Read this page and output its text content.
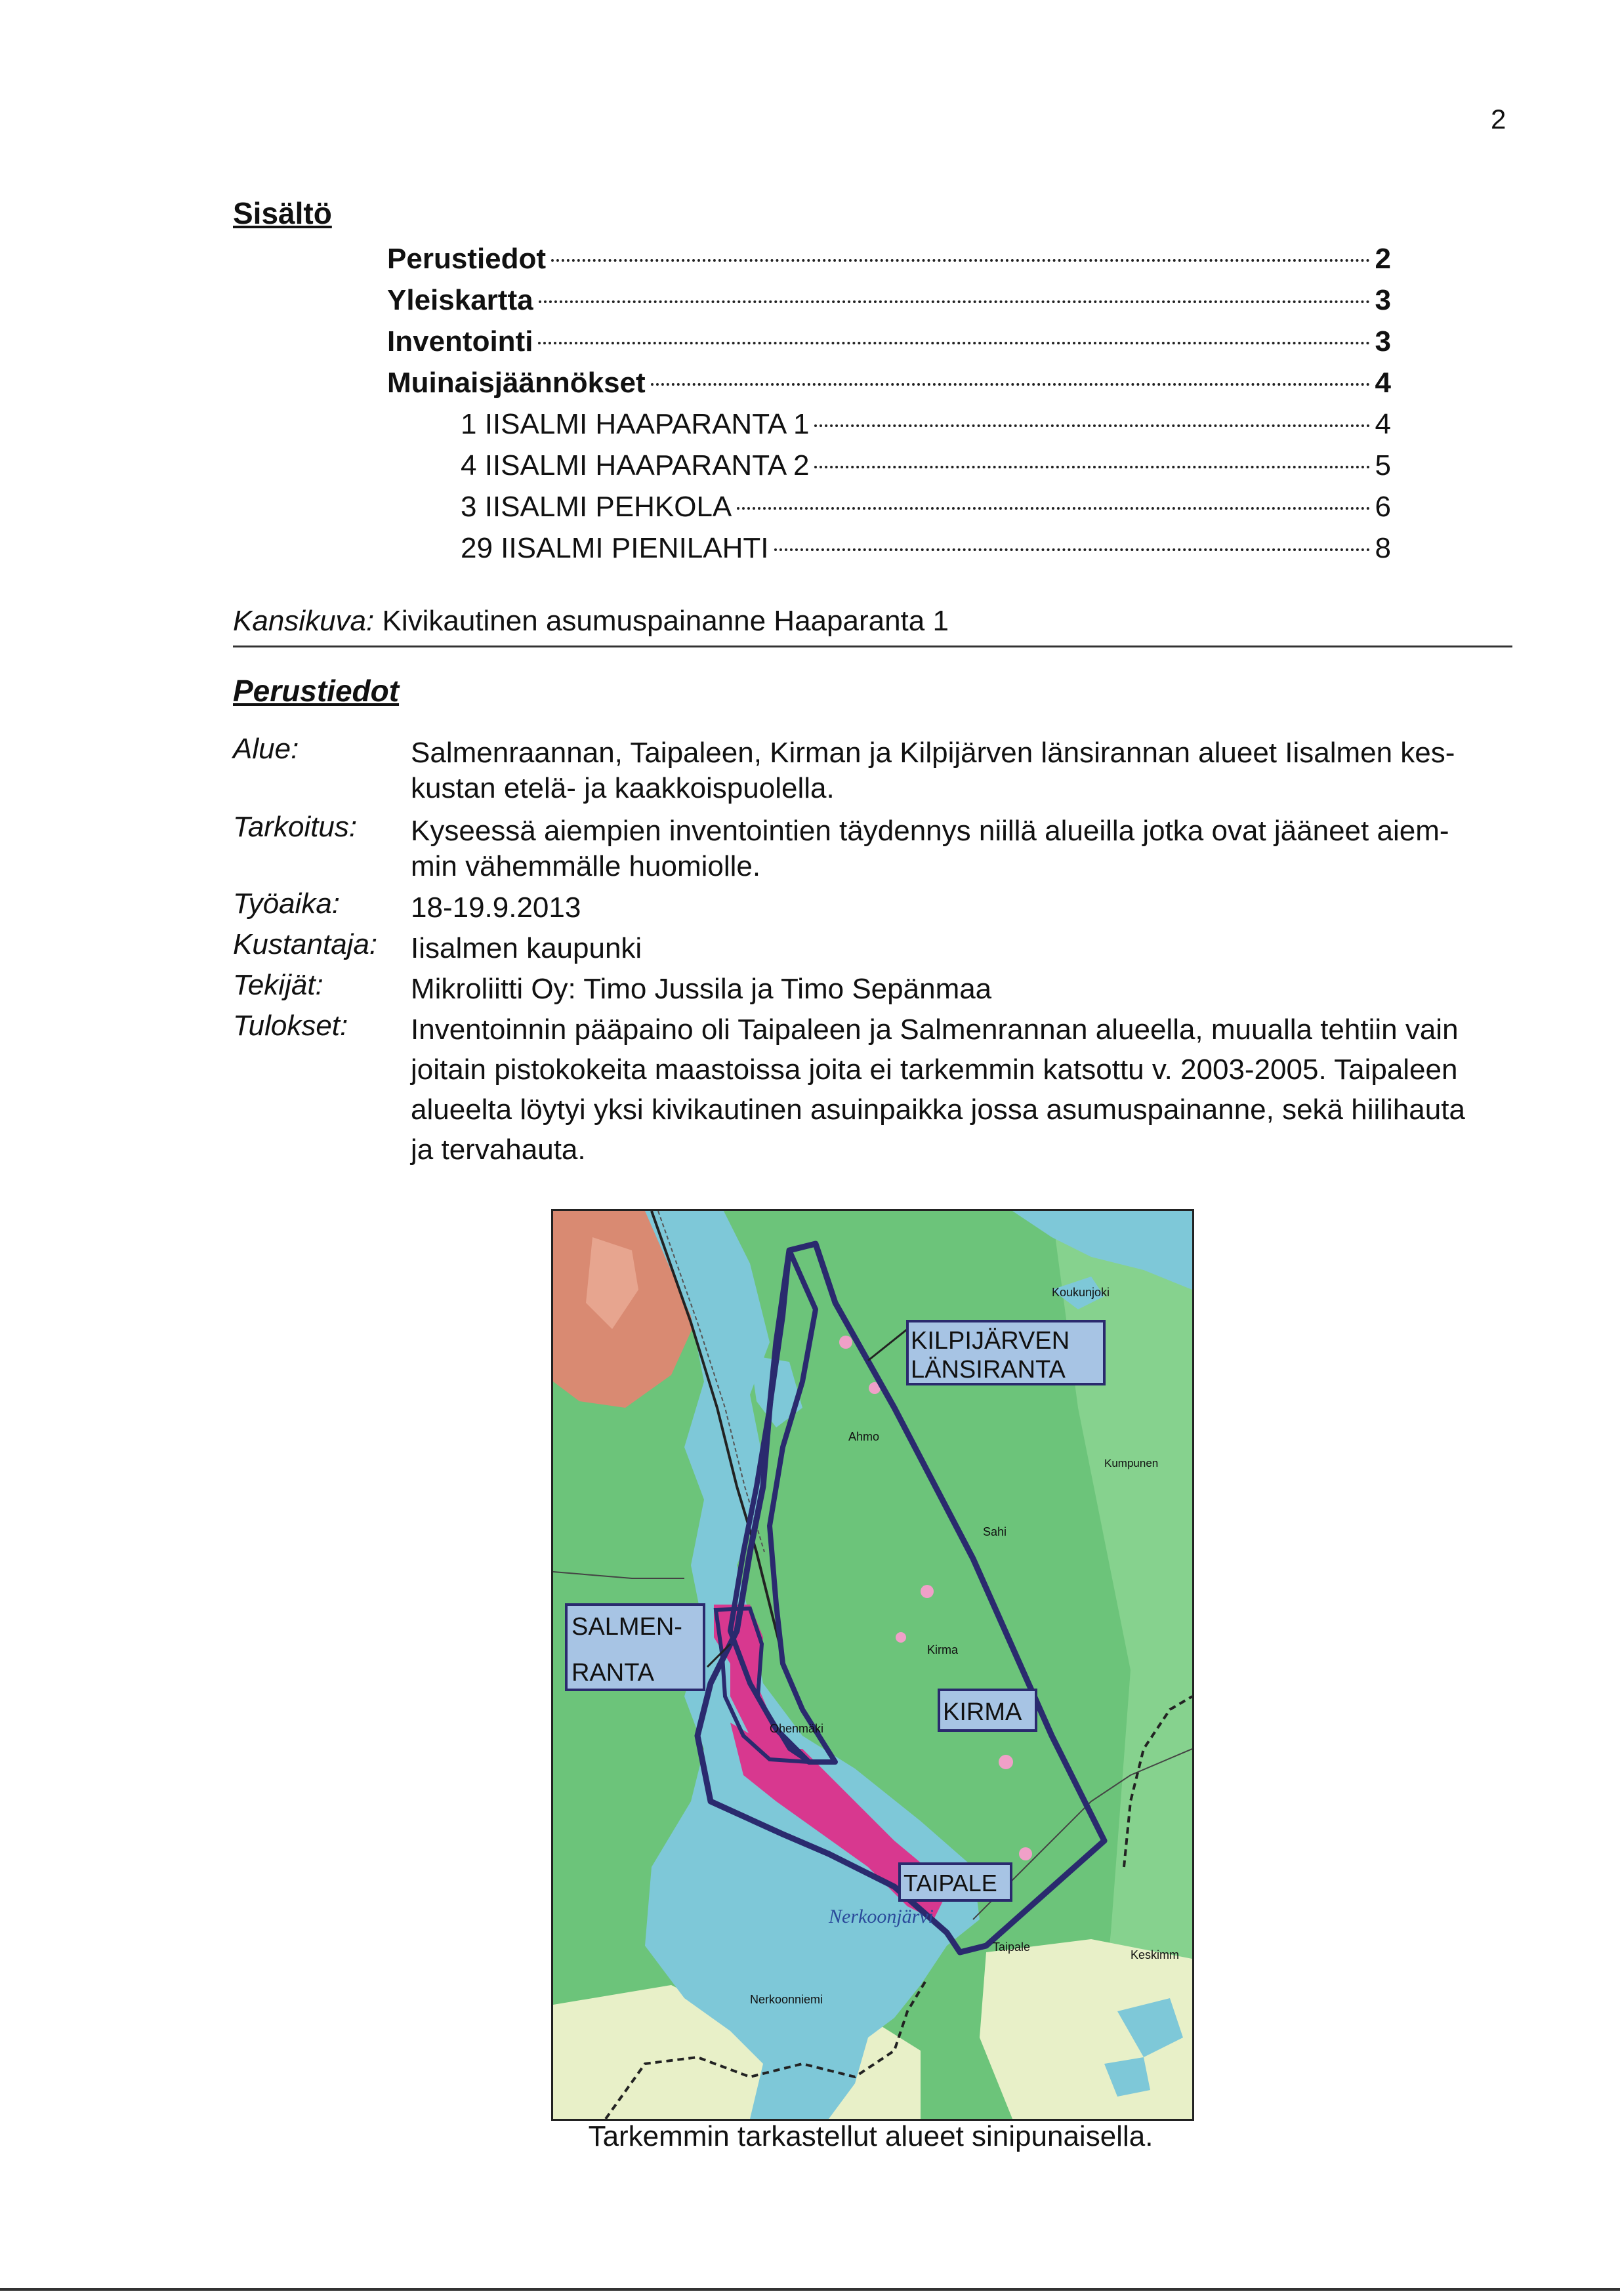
2
Sisältö
Perustiedot	2
Yleiskartta	3
Inventointi	3
Muinaisjäännökset	4
1 IISALMI HAAPARANTA 1	4
4 IISALMI HAAPARANTA 2	5
3 IISALMI PEHKOLA	6
29 IISALMI PIENILAHTI	8
Kansikuva: Kivikautinen asumuspainanne Haaparanta 1
Perustiedot
Alue:	Salmenraannan, Taipaleen, Kirman ja Kilpijärven länsirannan alueet Iisalmen kes-
kustan etelä- ja kaakkoispuolella.
Tarkoitus: Kyseessä aiempien inventointien täydennys niillä alueilla jotka ovat jääneet aiem-
min vähemmälle huomiolle.
Työaika: 18-19.9.2013
Kustantaja: Iisalmen kaupunki
Tekijät:	Mikroliitti Oy: Timo Jussila ja Timo Sepänmaa
Tulokset: Inventoinnin pääpaino oli Taipaleen ja Salmenrannan alueella, muualla tehtiin vain
joitain pistokokeita maastoissa joita ei tarkemmin katsottu v. 2003-2005. Taipaleen
alueelta löytyi yksi kivikautinen asuinpaikka jossa asumuspainanne, sekä hiilihauta
ja tervahauta.
KILPIJÄRVEN
LÄNSIRANTA
SALMEN-
RANTA
KIRMA
TAIPALE
Koukunjoki
Ahmo
Kumpunen
Sahi
Kirma
Ohenmäki
Nerkoonjärvi
Nerkoonniemi
Taipale
Keskimm
Tarkemmin tarkastellut alueet sinipunaisella.
